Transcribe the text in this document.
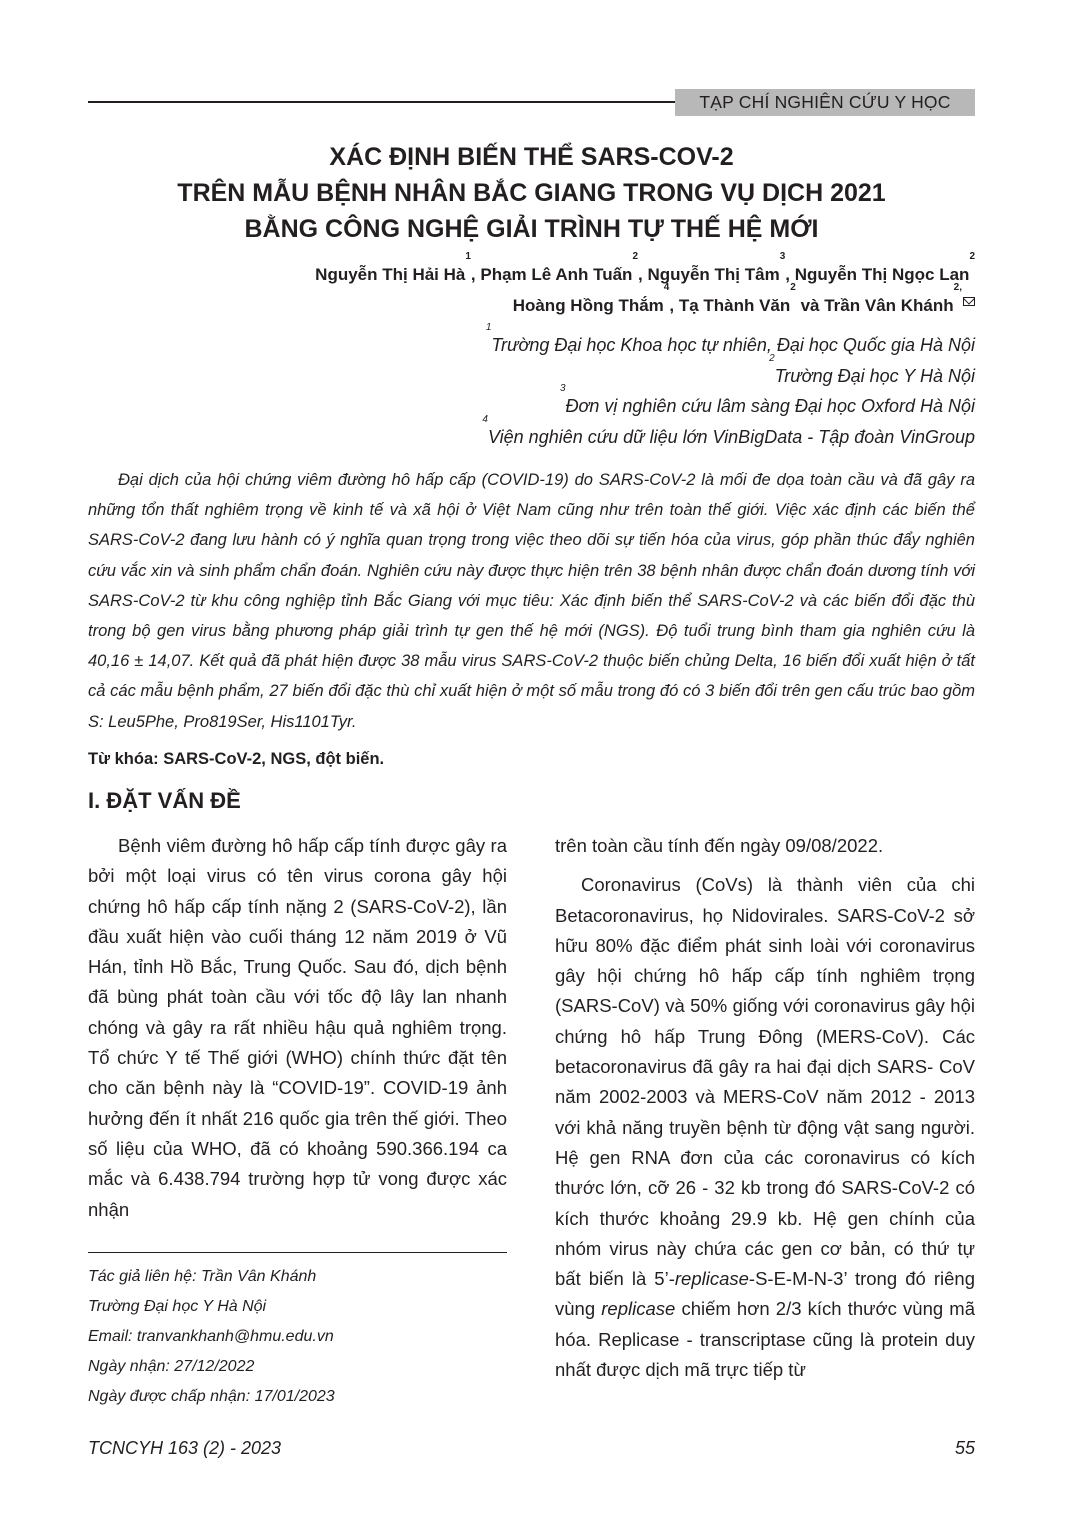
TẠP CHÍ NGHIÊN CỨU Y HỌC
XÁC ĐỊNH BIẾN THỂ SARS-COV-2
TRÊN MẪU BỆNH NHÂN BẮC GIANG TRONG VỤ DỊCH 2021
BẰNG CÔNG NGHỆ GIẢI TRÌNH TỰ THẾ HỆ MỚI
Nguyễn Thị Hải $Hà^1$, Phạm Lê Anh Tuấn$^2$, Nguyễn Thị Tâm$^3$, Nguyễn Thị Ngọc Lan$^2$
Hoàng Hồng Thắm$^4$, Tạ Thành Văn$^2$ và Trần Vân Khánh$^{2,}$
$^1$Trường Đại học Khoa học tự nhiên, Đại học Quốc gia Hà Nội
$^2$Trường Đại học Y Hà Nội
$^3$Đơn vị nghiên cứu lâm sàng Đại học Oxford Hà Nội
$^4$Viện nghiên cứu dữ liệu lớn VinBigData - Tập đoàn VinGroup
Đại dịch của hội chứng viêm đường hô hấp cấp (COVID-19) do SARS-CoV-2 là mối đe dọa toàn cầu và đã gây ra những tổn thất nghiêm trọng về kinh tế và xã hội ở Việt Nam cũng như trên toàn thế giới. Việc xác định các biến thể SARS-CoV-2 đang lưu hành có ý nghĩa quan trọng trong việc theo dõi sự tiến hóa của virus, góp phần thúc đẩy nghiên cứu vắc xin và sinh phẩm chẩn đoán. Nghiên cứu này được thực hiện trên 38 bệnh nhân được chẩn đoán dương tính với SARS-CoV-2 từ khu công nghiệp tỉnh Bắc Giang với mục tiêu: Xác định biến thể SARS-CoV-2 và các biến đổi đặc thù trong bộ gen virus bằng phương pháp giải trình tự gen thế hệ mới (NGS). Độ tuổi trung bình tham gia nghiên cứu là 40,16 ± 14,07. Kết quả đã phát hiện được 38 mẫu virus SARS-CoV-2 thuộc biến chủng Delta, 16 biến đổi xuất hiện ở tất cả các mẫu bệnh phẩm, 27 biến đổi đặc thù chỉ xuất hiện ở một số mẫu trong đó có 3 biến đổi trên gen cấu trúc bao gồm S: Leu5Phe, Pro819Ser, His1101Tyr.
Từ khóa: SARS-CoV-2, NGS, đột biến.
I. ĐẶT VẤN ĐỀ

Bệnh viêm đường hô hấp cấp tính được gây ra bởi một loại virus có tên virus corona gây hội chứng hô hấp cấp tính nặng 2 (SARS-CoV-2), lần đầu xuất hiện vào cuối tháng 12 năm 2019 ở Vũ Hán, tỉnh Hồ Bắc, Trung Quốc. Sau đó, dịch bệnh đã bùng phát toàn cầu với tốc độ lây lan nhanh chóng và gây ra rất nhiều hậu quả nghiêm trọng. Tổ chức Y tế Thế giới (WHO) chính thức đặt tên cho căn bệnh này là “COVID-19”. COVID-19 ảnh hưởng đến ít nhất 216 quốc gia trên thế giới. Theo số liệu của WHO, đã có khoảng 590.366.194 ca mắc và 6.438.794 trường hợp tử vong được xác nhận

trên toàn cầu tính đến ngày 09/08/2022.

Coronavirus (CoVs) là thành viên của chi Betacoronavirus, họ Nidovirales. SARS-CoV-2 sở hữu 80% đặc điểm phát sinh loài với coronavirus gây hội chứng hô hấp cấp tính nghiêm trọng (SARS-CoV) và 50% giống với coronavirus gây hội chứng hô hấp Trung Đông (MERS-CoV). Các betacoronavirus đã gây ra hai đại dịch SARS- CoV năm 2002-2003 và MERS-CoV năm 2012 - 2013 với khả năng truyền bệnh từ động vật sang người. Hệ gen RNA đơn của các coronavirus có kích thước lớn, cỡ 26 - 32 kb trong đó SARS-CoV-2 có kích thước khoảng 29.9 kb. Hệ gen chính của nhóm virus này chứa các gen cơ bản, có thứ tự bất biến là 5’-replicase-S-E-M-N-3’ trong đó riêng vùng replicase chiếm hơn 2/3 kích thước vùng mã hóa. Replicase - transcriptase cũng là protein duy nhất được dịch mã trực tiếp từ

Tác giả liên hệ: Trần Vân Khánh
Trường Đại học Y Hà Nội
Email: tranvankhanh@hmu.edu.vn
Ngày nhận: 27/12/2022
Ngày được chấp nhận: 17/01/2023
TCNCYH 163 (2) - 2023	55
